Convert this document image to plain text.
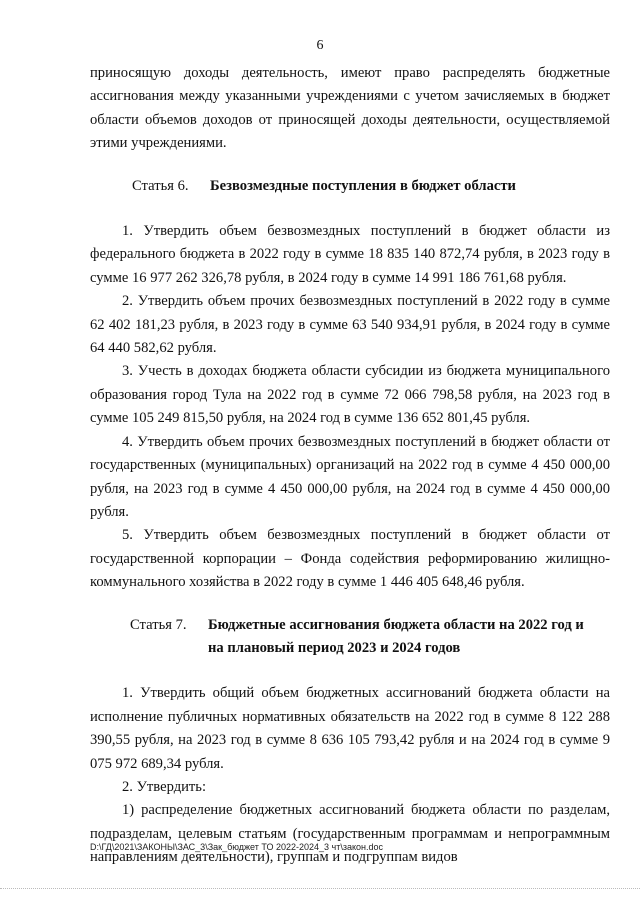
6

приносящую доходы деятельность, имеют право распределять бюджетные ассигнования между указанными учреждениями с учетом зачисляемых в бюджет области объемов доходов от приносящей доходы деятельности, осуществляемой этими учреждениями.

Статья 6.	Безвозмездные поступления в бюджет области

1. Утвердить объем безвозмездных поступлений в бюджет области из федерального бюджета в 2022 году в сумме 18 835 140 872,74 рубля, в 2023 году в сумме 16 977 262 326,78 рубля, в 2024 году в сумме 14 991 186 761,68 рубля.

2. Утвердить объем прочих безвозмездных поступлений в 2022 году в сумме 62 402 181,23 рубля, в 2023 году в сумме 63 540 934,91 рубля, в 2024 году в сумме 64 440 582,62 рубля.

3. Учесть в доходах бюджета области субсидии из бюджета муниципального образования город Тула на 2022 год в сумме 72 066 798,58 рубля, на 2023 год в сумме 105 249 815,50 рубля, на 2024 год в сумме 136 652 801,45 рубля.

4. Утвердить объем прочих безвозмездных поступлений в бюджет области от государственных (муниципальных) организаций на 2022 год в сумме 4 450 000,00 рубля, на 2023 год в сумме 4 450 000,00 рубля, на 2024 год в сумме 4 450 000,00 рубля.

5. Утвердить объем безвозмездных поступлений в бюджет области от государственной корпорации – Фонда содействия реформированию жилищно-коммунального хозяйства в 2022 году в сумме 1 446 405 648,46 рубля.

Статья 7.	Бюджетные ассигнования бюджета области на 2022 год и на плановый период 2023 и 2024 годов

1. Утвердить общий объем бюджетных ассигнований бюджета области на исполнение публичных нормативных обязательств на 2022 год в сумме 8 122 288 390,55 рубля, на 2023 год в сумме 8 636 105 793,42 рубля и на 2024 год в сумме 9 075 972 689,34 рубля.

2. Утвердить:

1) распределение бюджетных ассигнований бюджета области по разделам, подразделам, целевым статьям (государственным программам и непрограммным направлениям деятельности), группам и подгруппам видов

D:\ГД\2021\ЗАКОНЫ\ЗАС_3\Зак_бюджет ТО 2022-2024_3 чт\закон.doc
